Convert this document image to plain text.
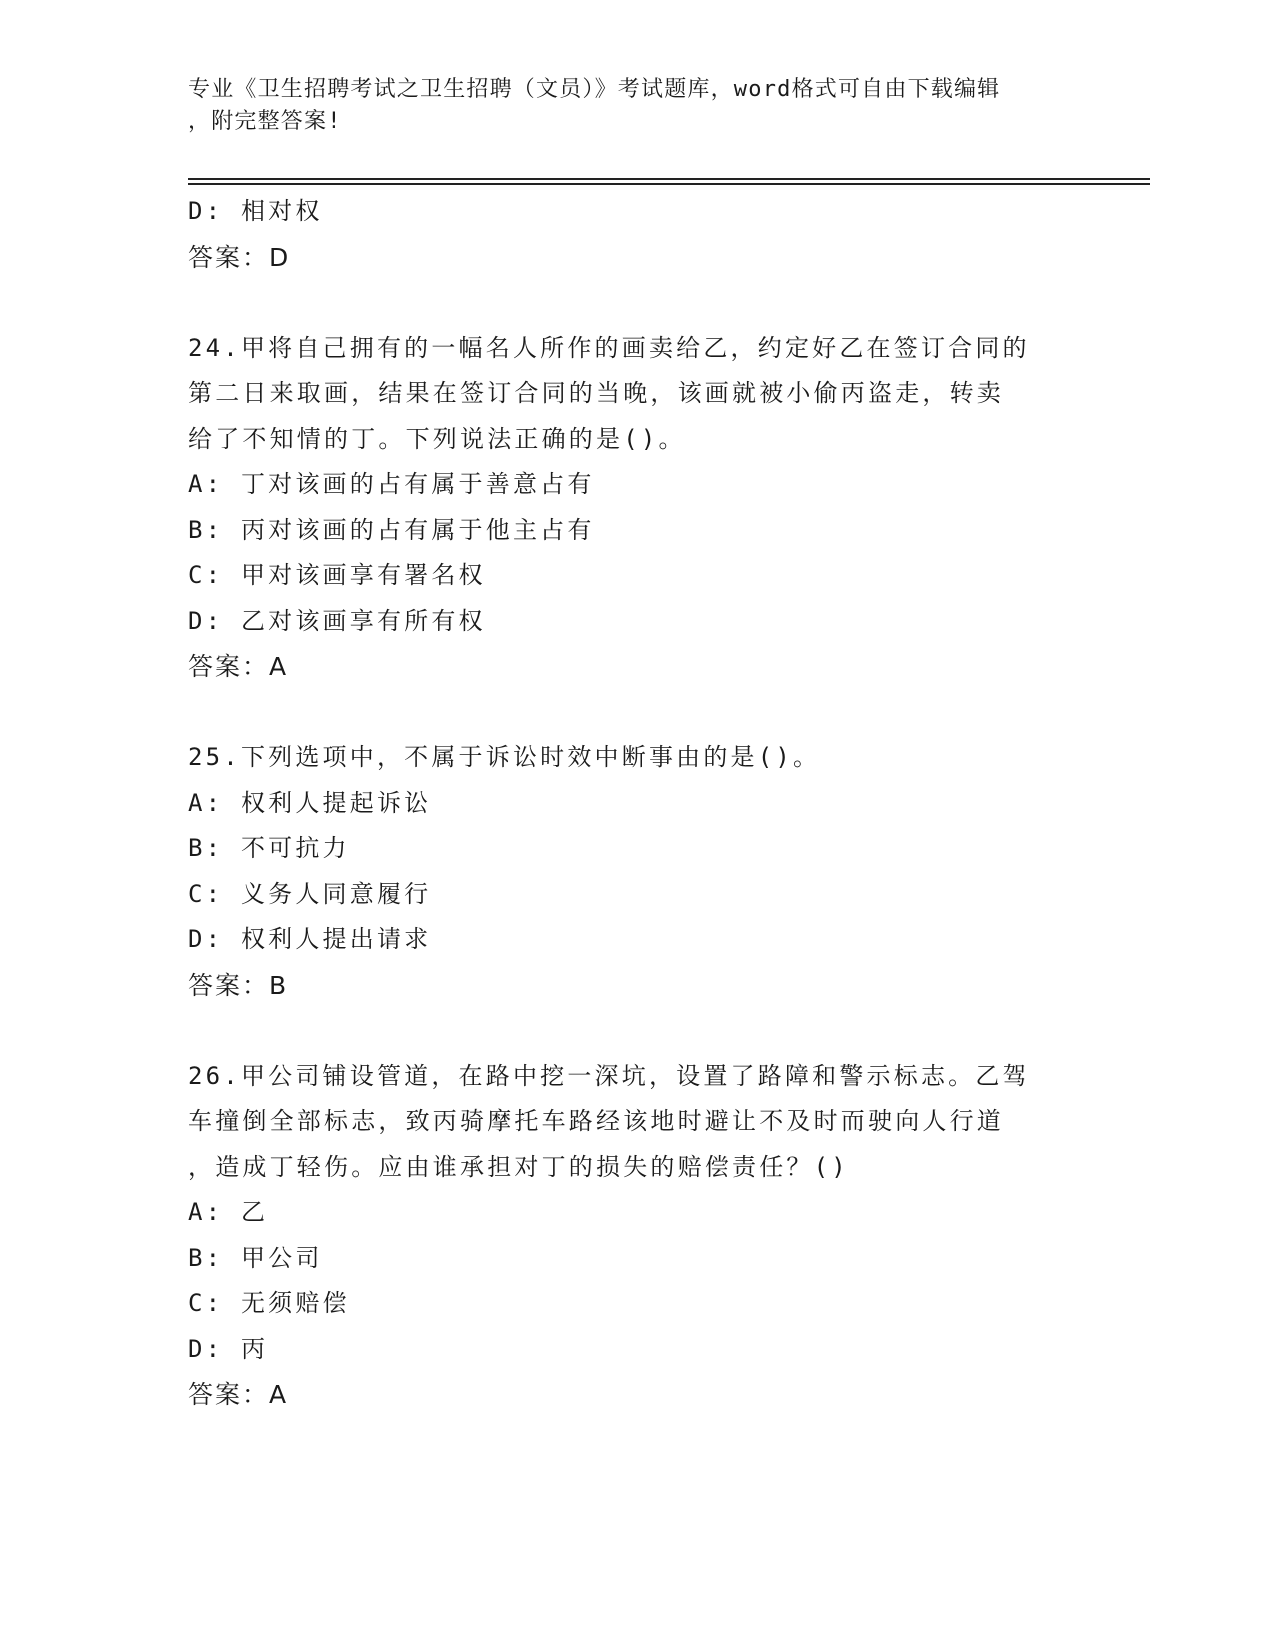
专业《卫生招聘考试之卫生招聘（文员）》考试题库，word格式可自由下载编辑
，附完整答案!
D: 相对权
答案：D
24.甲将自己拥有的一幅名人所作的画卖给乙，约定好乙在签订合同的
第二日来取画，结果在签订合同的当晚，该画就被小偷丙盗走，转卖
给了不知情的丁。下列说法正确的是()。
A: 丁对该画的占有属于善意占有
B: 丙对该画的占有属于他主占有
C: 甲对该画享有署名权
D: 乙对该画享有所有权
答案：A
25.下列选项中，不属于诉讼时效中断事由的是()。
A: 权利人提起诉讼
B: 不可抗力
C: 义务人同意履行
D: 权利人提出请求
答案：B
26.甲公司铺设管道，在路中挖一深坑，设置了路障和警示标志。乙驾
车撞倒全部标志，致丙骑摩托车路经该地时避让不及时而驶向人行道
，造成丁轻伤。应由谁承担对丁的损失的赔偿责任？()
A: 乙
B: 甲公司
C: 无须赔偿
D: 丙
答案：A
